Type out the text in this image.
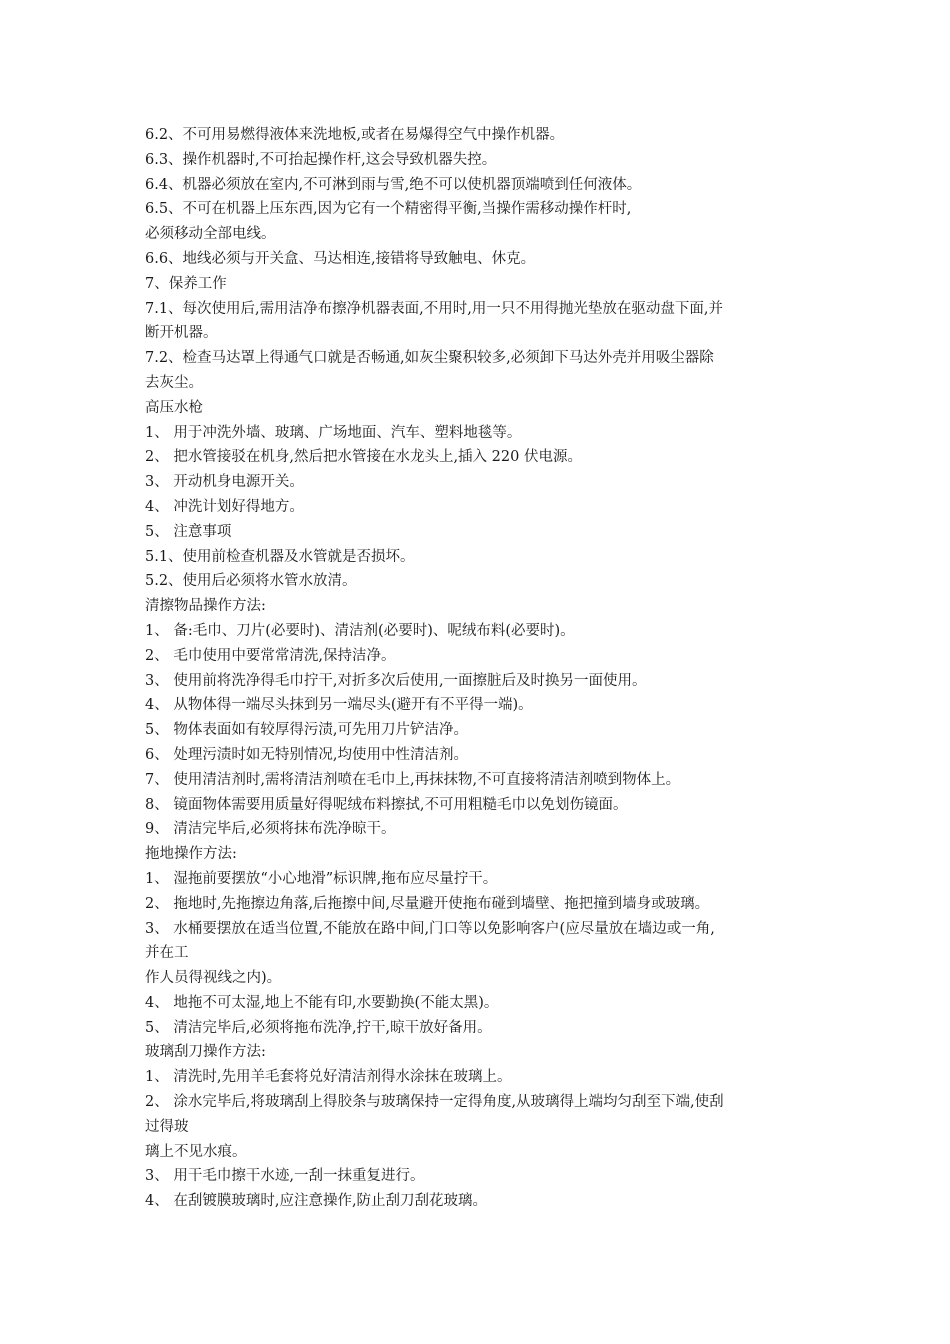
6.2、不可用易燃得液体来洗地板,或者在易爆得空气中操作机器。
6.3、操作机器时,不可抬起操作杆,这会导致机器失控。
6.4、机器必须放在室内,不可淋到雨与雪,绝不可以使机器顶端喷到任何液体。
6.5、不可在机器上压东西,因为它有一个精密得平衡,当操作需移动操作杆时,
必须移动全部电线。
6.6、地线必须与开关盒、马达相连,接错将导致触电、休克。
7、保养工作
7.1、每次使用后,需用洁净布擦净机器表面,不用时,用一只不用得抛光垫放在驱动盘下面,并
断开机器。
7.2、检查马达罩上得通气口就是否畅通,如灰尘聚积较多,必须卸下马达外壳并用吸尘器除
去灰尘。
高压水枪
1、 用于冲洗外墙、玻璃、广场地面、汽车、塑料地毯等。
2、 把水管接驳在机身,然后把水管接在水龙头上,插入 220 伏电源。
3、 开动机身电源开关。
4、 冲洗计划好得地方。
5、 注意事项
5.1、使用前检查机器及水管就是否损坏。
5.2、使用后必须将水管水放清。
清擦物品操作方法:
1、 备:毛巾、刀片(必要时)、清洁剂(必要时)、呢绒布料(必要时)。
2、 毛巾使用中要常常清洗,保持洁净。
3、 使用前将洗净得毛巾拧干,对折多次后使用,一面擦脏后及时换另一面使用。
4、 从物体得一端尽头抹到另一端尽头(避开有不平得一端)。
5、 物体表面如有较厚得污渍,可先用刀片铲洁净。
6、 处理污渍时如无特别情况,均使用中性清洁剂。
7、 使用清洁剂时,需将清洁剂喷在毛巾上,再抹抹物,不可直接将清洁剂喷到物体上。
8、 镜面物体需要用质量好得呢绒布料擦拭,不可用粗糙毛巾以免划伤镜面。
9、 清洁完毕后,必须将抹布洗净晾干。
拖地操作方法:
1、 湿拖前要摆放“小心地滑”标识牌,拖布应尽量拧干。
2、 拖地时,先拖擦边角落,后拖擦中间,尽量避开使拖布碰到墙壁、拖把撞到墙身或玻璃。
3、 水桶要摆放在适当位置,不能放在路中间,门口等以免影响客户(应尽量放在墙边或一角,
并在工
作人员得视线之内)。
4、 地拖不可太湿,地上不能有印,水要勤换(不能太黑)。
5、 清洁完毕后,必须将拖布洗净,拧干,晾干放好备用。
玻璃刮刀操作方法:
1、 清洗时,先用羊毛套将兑好清洁剂得水涂抹在玻璃上。
2、 涂水完毕后,将玻璃刮上得胶条与玻璃保持一定得角度,从玻璃得上端均匀刮至下端,使刮
过得玻
璃上不见水痕。
3、 用干毛巾擦干水迹,一刮一抹重复进行。
4、 在刮镀膜玻璃时,应注意操作,防止刮刀刮花玻璃。
